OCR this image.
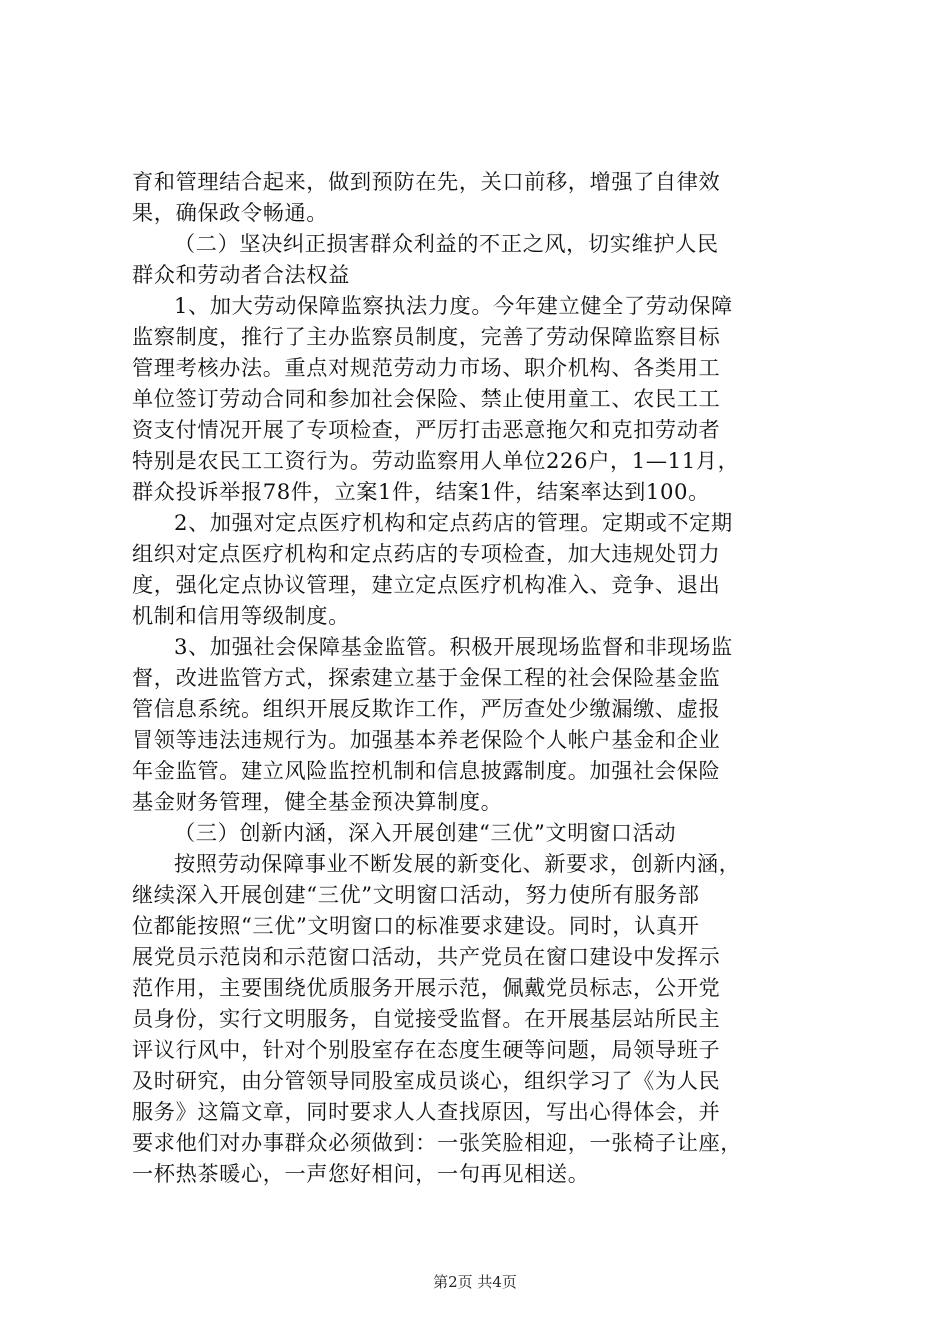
育和管理结合起来，做到预防在先，关口前移，增强了自律效
果，确保政令畅通。
（二）坚决纠正损害群众利益的不正之风，切实维护人民
群众和劳动者合法权益
1、加大劳动保障监察执法力度。今年建立健全了劳动保障
监察制度，推行了主办监察员制度，完善了劳动保障监察目标
管理考核办法。重点对规范劳动力市场、职介机构、各类用工
单位签订劳动合同和参加社会保险、禁止使用童工、农民工工
资支付情况开展了专项检查，严厉打击恶意拖欠和克扣劳动者
特别是农民工工资行为。劳动监察用人单位226户，1—11月，
群众投诉举报78件，立案1件，结案1件，结案率达到100。
2、加强对定点医疗机构和定点药店的管理。定期或不定期
组织对定点医疗机构和定点药店的专项检查，加大违规处罚力
度，强化定点协议管理，建立定点医疗机构准入、竞争、退出
机制和信用等级制度。
3、加强社会保障基金监管。积极开展现场监督和非现场监
督，改进监管方式，探索建立基于金保工程的社会保险基金监
管信息系统。组织开展反欺诈工作，严厉查处少缴漏缴、虚报
冒领等违法违规行为。加强基本养老保险个人帐户基金和企业
年金监管。建立风险监控机制和信息披露制度。加强社会保险
基金财务管理，健全基金预决算制度。
（三）创新内涵，深入开展创建“三优”文明窗口活动
按照劳动保障事业不断发展的新变化、新要求，创新内涵，
继续深入开展创建“三优”文明窗口活动，努力使所有服务部
位都能按照“三优”文明窗口的标准要求建设。同时，认真开
展党员示范岗和示范窗口活动，共产党员在窗口建设中发挥示
范作用，主要围绕优质服务开展示范，佩戴党员标志，公开党
员身份，实行文明服务，自觉接受监督。在开展基层站所民主
评议行风中，针对个别股室存在态度生硬等问题，局领导班子
及时研究，由分管领导同股室成员谈心，组织学习了《为人民
服务》这篇文章，同时要求人人查找原因，写出心得体会，并
要求他们对办事群众必须做到：一张笑脸相迎，一张椅子让座，
一杯热茶暖心，一声您好相问，一句再见相送。
第2页 共4页
